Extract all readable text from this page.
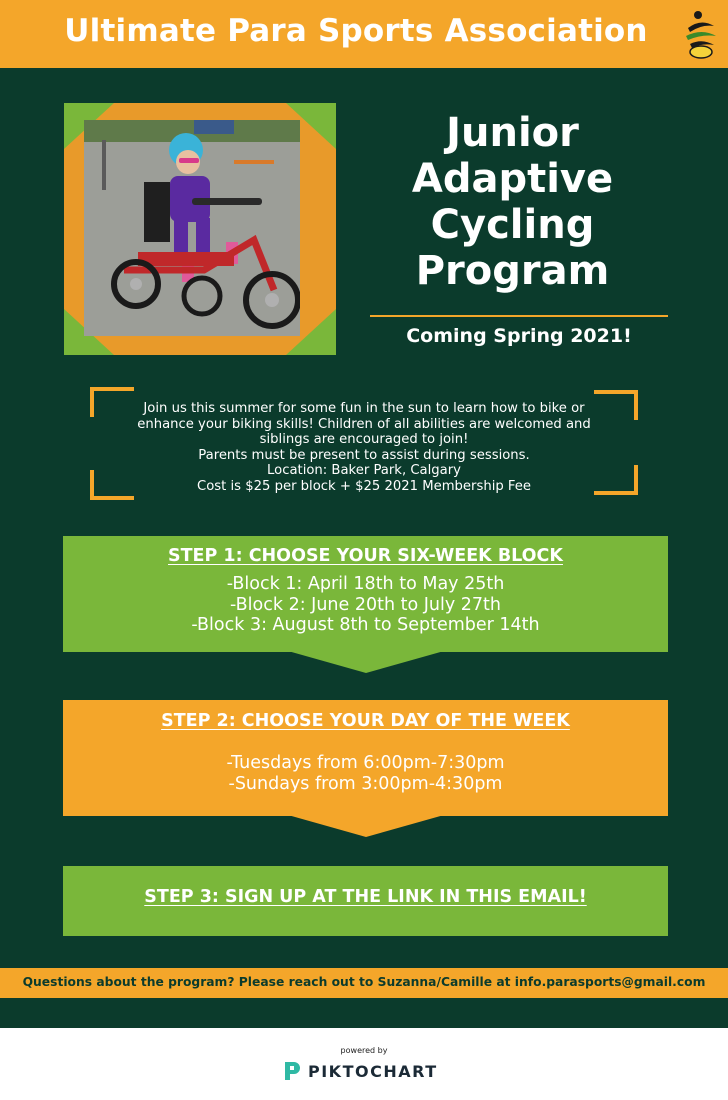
Ultimate Para Sports Association
Junior
Adaptive
Cycling
Program
Coming Spring 2021!
Join us this summer for some fun in the sun to learn how to bike or
enhance your biking skills! Children of all abilities are welcomed and
siblings are encouraged to join!
Parents must be present to assist during sessions.
Location: Baker Park, Calgary
Cost is $25 per block + $25 2021 Membership Fee
STEP 1: CHOOSE YOUR SIX-WEEK BLOCK
-Block 1: April 18th to May 25th
-Block 2: June 20th to July 27th
-Block 3: August 8th to September 14th
STEP 2: CHOOSE YOUR DAY OF THE WEEK
-Tuesdays from 6:00pm-7:30pm
-Sundays from 3:00pm-4:30pm
STEP 3: SIGN UP AT THE LINK IN THIS EMAIL!
Questions about the program? Please reach out to Suzanna/Camille at info.parasports@gmail.com
powered by
PIKTOCHART
